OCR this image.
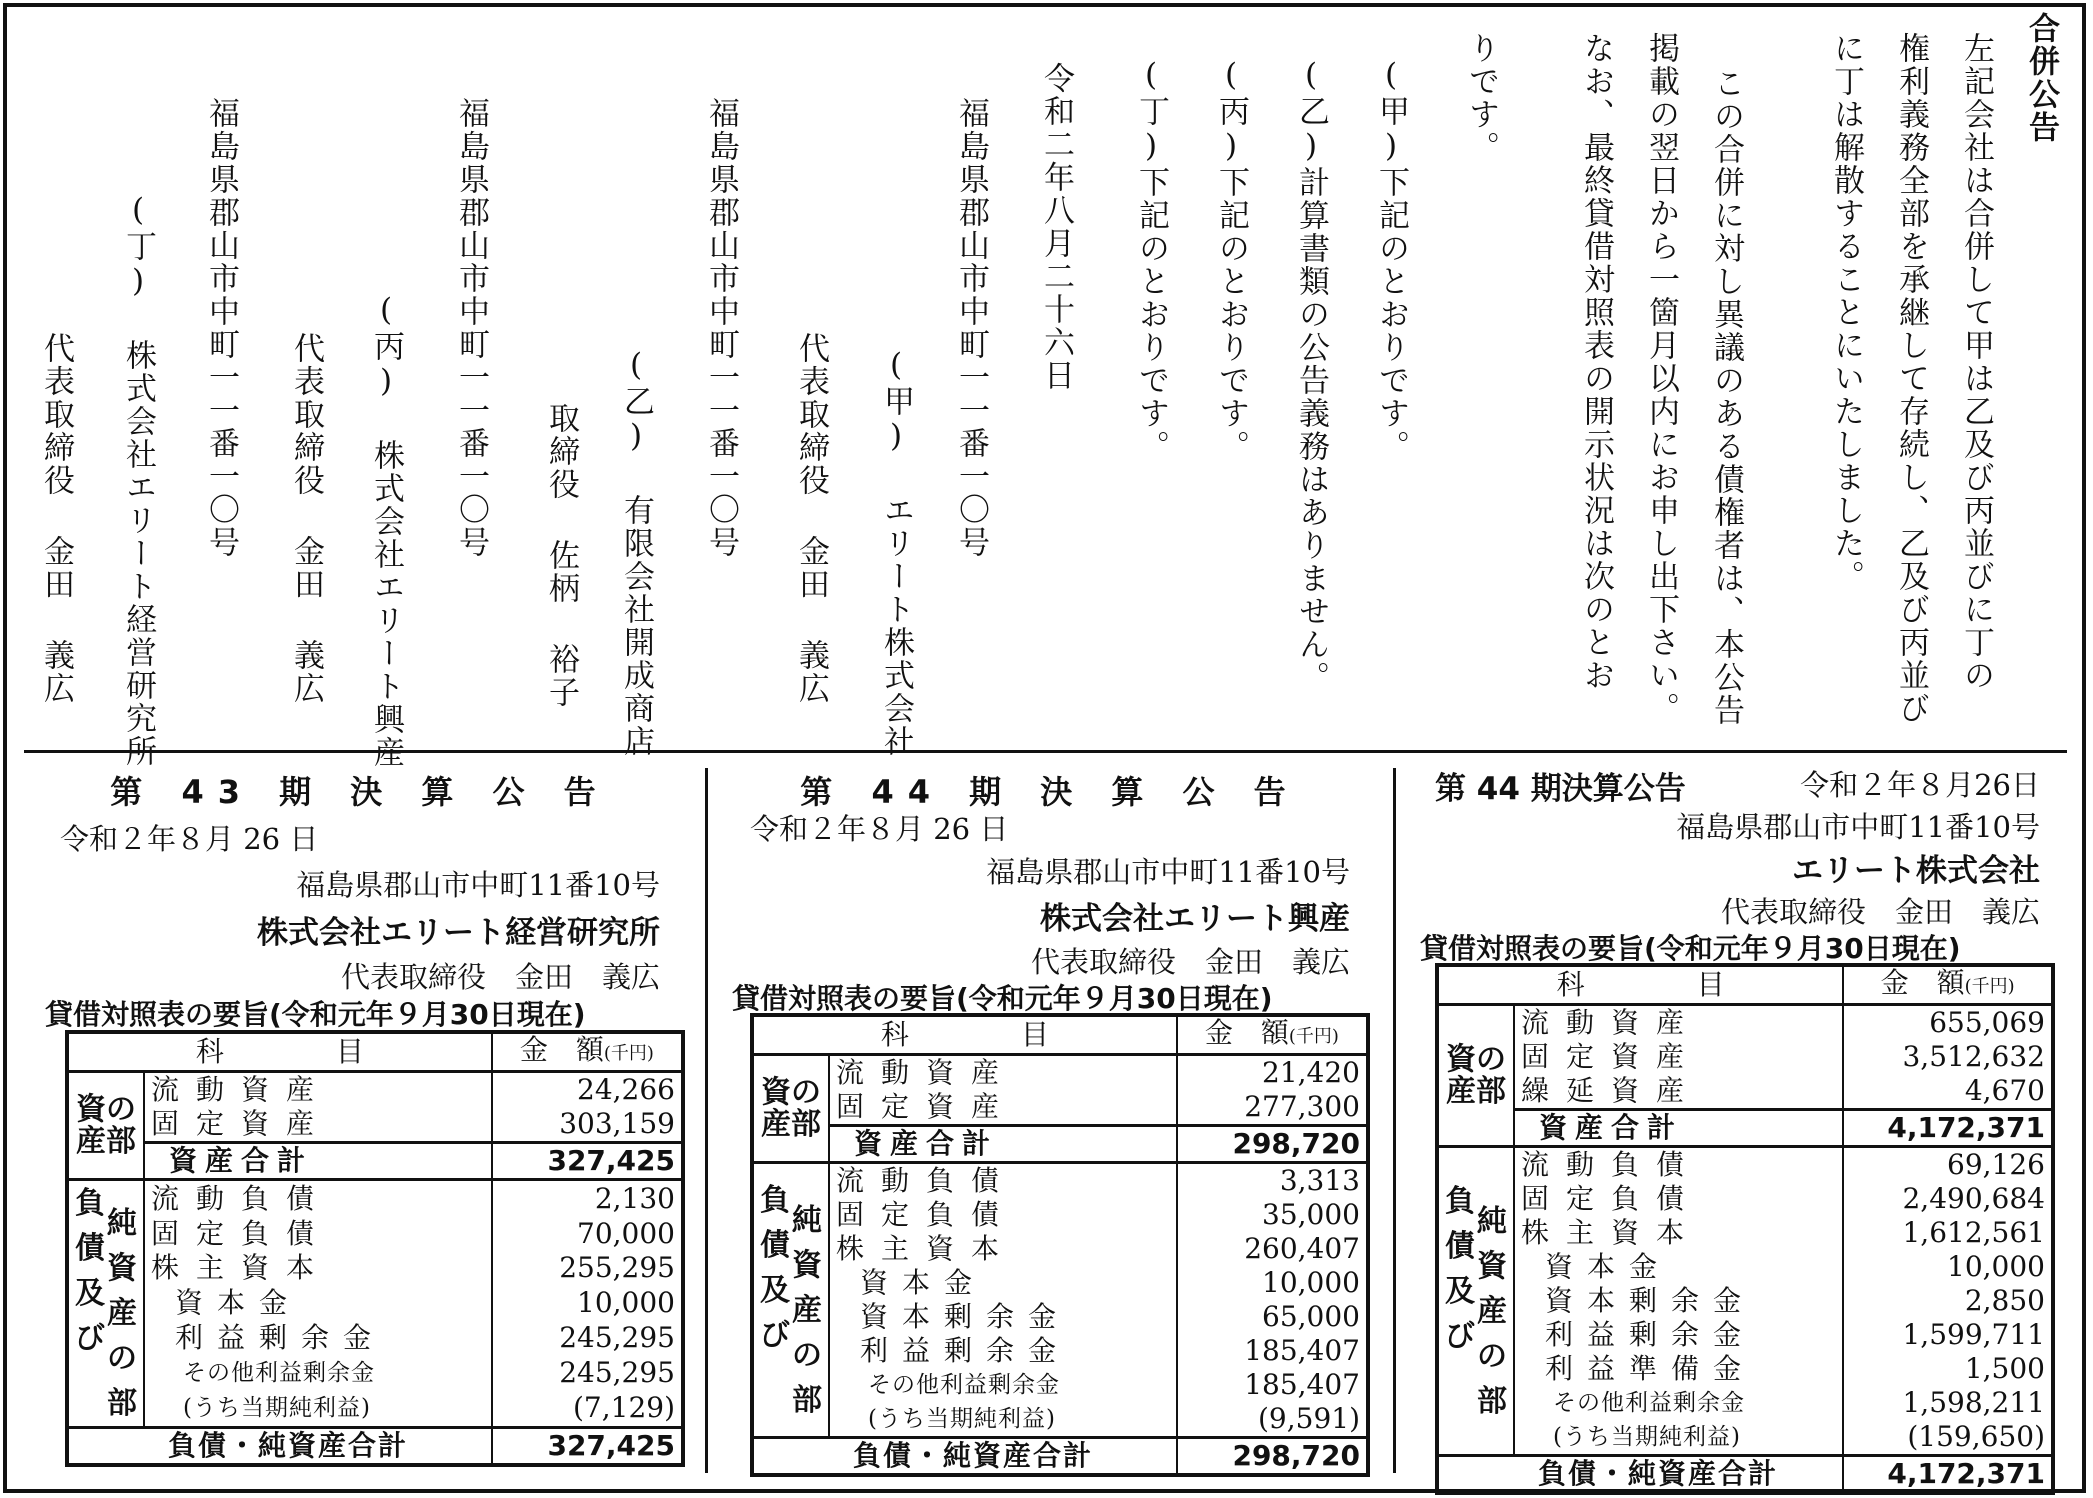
合併公告
左記会社は合併して甲は乙及び丙並びに丁の
権利義務全部を承継して存続し、乙及び丙並び
に丁は解散することにいたしました。
この合併に対し異議のある債権者は、本公告
掲載の翌日から一箇月以内にお申し出下さい。
なお、最終貸借対照表の開示状況は次のとお
りです。
(甲)下記のとおりです。
(乙)計算書類の公告義務はありません。
(丙)下記のとおりです。
(丁)下記のとおりです。
令和二年八月二十六日
福島県郡山市中町一一番一〇号
(甲) エリート株式会社
代表取締役 金田 義広
福島県郡山市中町一一番一〇号
(乙) 有限会社開成商店
取締役 佐柄 裕子
福島県郡山市中町一一番一〇号
(丙) 株式会社エリート興産
代表取締役 金田 義広
福島県郡山市中町一一番一〇号
(丁) 株式会社エリート経営研究所
代表取締役 金田 義広
第 43 期 決 算 公 告
令和２年８月 26 日
福島県郡山市中町11番10号
株式会社エリート経営研究所
代表取締役　金田　義広
貸借対照表の要旨(令和元年９月30日現在)
科　　　　目		金　額(千円)
資の産部	流動資産	24,266
	固定資産	303,159
	資産合計	327,425

負債及び
純資産の部	流動負債	2,130
	固定負債	70,000
	株主資本	255,295
	資本金	10,000
	利益剰余金	245,295
	その他利益剰余金	245,295
	(うち当期純利益)	(7,129)
	負債・純資産合計	327,425
第 44 期 決 算 公 告
令和２年８月 26 日
福島県郡山市中町11番10号
株式会社エリート興産
代表取締役　金田　義広
貸借対照表の要旨(令和元年９月30日現在)
科　　　　目		金　額(千円)
資の産部	流動資産	21,420
	固定資産	277,300
	資産合計	298,720

負債及び
純資産の部	流動負債	3,313
	固定負債	35,000
	株主資本	260,407
	資本金	10,000
	資本剰余金	65,000
	利益剰余金	185,407
	その他利益剰余金	185,407
	(うち当期純利益)	(9,591)
	負債・純資産合計	298,720
第 44 期決算公告	令和２年８月26日
福島県郡山市中町11番10号
エリート株式会社
代表取締役　金田　義広
貸借対照表の要旨(令和元年９月30日現在)
科　　　　目		金　額(千円)
資の産部	流動資産	655,069
	固定資産	3,512,632
	繰延資産	4,670
	資産合計	4,172,371

負債及び
純資産の部	流動負債	69,126
	固定負債	2,490,684
	株主資本	1,612,561
	資本金	10,000
	資本剰余金	2,850
	利益剰余金	1,599,711
	利益準備金	1,500
	その他利益剰余金	1,598,211
	(うち当期純利益)	(159,650)
	負債・純資産合計	4,172,371
